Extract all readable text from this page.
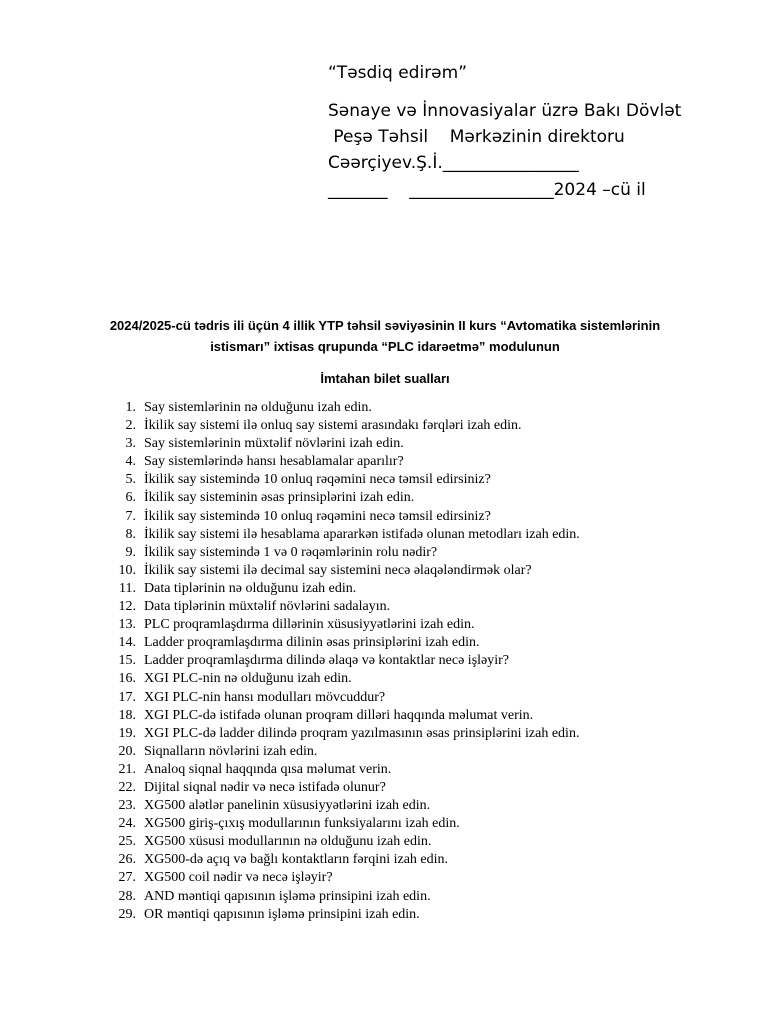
“Təsdiq edirəm”
Sənaye və İnnovasiyalar üzrə Bakı Dövlət
Peşə Təhsil    Mərkəzinin direktoru
Cəərçiyev.Ş.İ.________________
_______    _________________2024 –cü il
2024/2025-cü tədris ili üçün 4 illik YTP təhsil səviyəsinin II kurs “Avtomatika sistemlərinin
istismarı” ixtisas qrupunda “PLC idarəetmə” modulunun
İmtahan bilet sualları
1. Say sistemlərinin nə olduğunu izah edin.
2. İkilik say sistemi ilə onluq say sistemi arasındakı fərqləri izah edin.
3. Say sistemlərinin müxtəlif növlərini izah edin.
4. Say sistemlərində hansı hesablamalar aparılır?
5. İkilik say sistemində 10 onluq rəqəmini necə təmsil edirsiniz?
6. İkilik say sisteminin əsas prinsiplərini izah edin.
7. İkilik say sistemində 10 onluq rəqəmini necə təmsil edirsiniz?
8. İkilik say sistemi ilə hesablama apararkən istifadə olunan metodları izah edin.
9. İkilik say sistemində 1 və 0 rəqəmlərinin rolu nədir?
10. İkilik say sistemi ilə decimal say sistemini necə əlaqələndirmək olar?
11. Data tiplərinin nə olduğunu izah edin.
12. Data tiplərinin müxtəlif növlərini sadalayın.
13. PLC proqramlaşdırma dillərinin xüsusiyyətlərini izah edin.
14. Ladder proqramlaşdırma dilinin əsas prinsiplərini izah edin.
15. Ladder proqramlaşdırma dilində əlaqə və kontaktlar necə işləyir?
16. XGI PLC-nin nə olduğunu izah edin.
17. XGI PLC-nin hansı modulları mövcuddur?
18. XGI PLC-də istifadə olunan proqram dilləri haqqında məlumat verin.
19. XGI PLC-də ladder dilində proqram yazılmasının əsas prinsiplərini izah edin.
20. Siqnalların növlərini izah edin.
21. Analoq siqnal haqqında qısa məlumat verin.
22. Dijital siqnal nədir və necə istifadə olunur?
23. XG500 alətlər panelinin xüsusiyyətlərini izah edin.
24. XG500 giriş-çıxış modullarının funksiyalarını izah edin.
25. XG500 xüsusi modullarının nə olduğunu izah edin.
26. XG500-də açıq və bağlı kontaktların fərqini izah edin.
27. XG500 coil nədir və necə işləyir?
28. AND məntiqi qapısının işləmə prinsipini izah edin.
29. OR məntiqi qapısının işləmə prinsipini izah edin.
